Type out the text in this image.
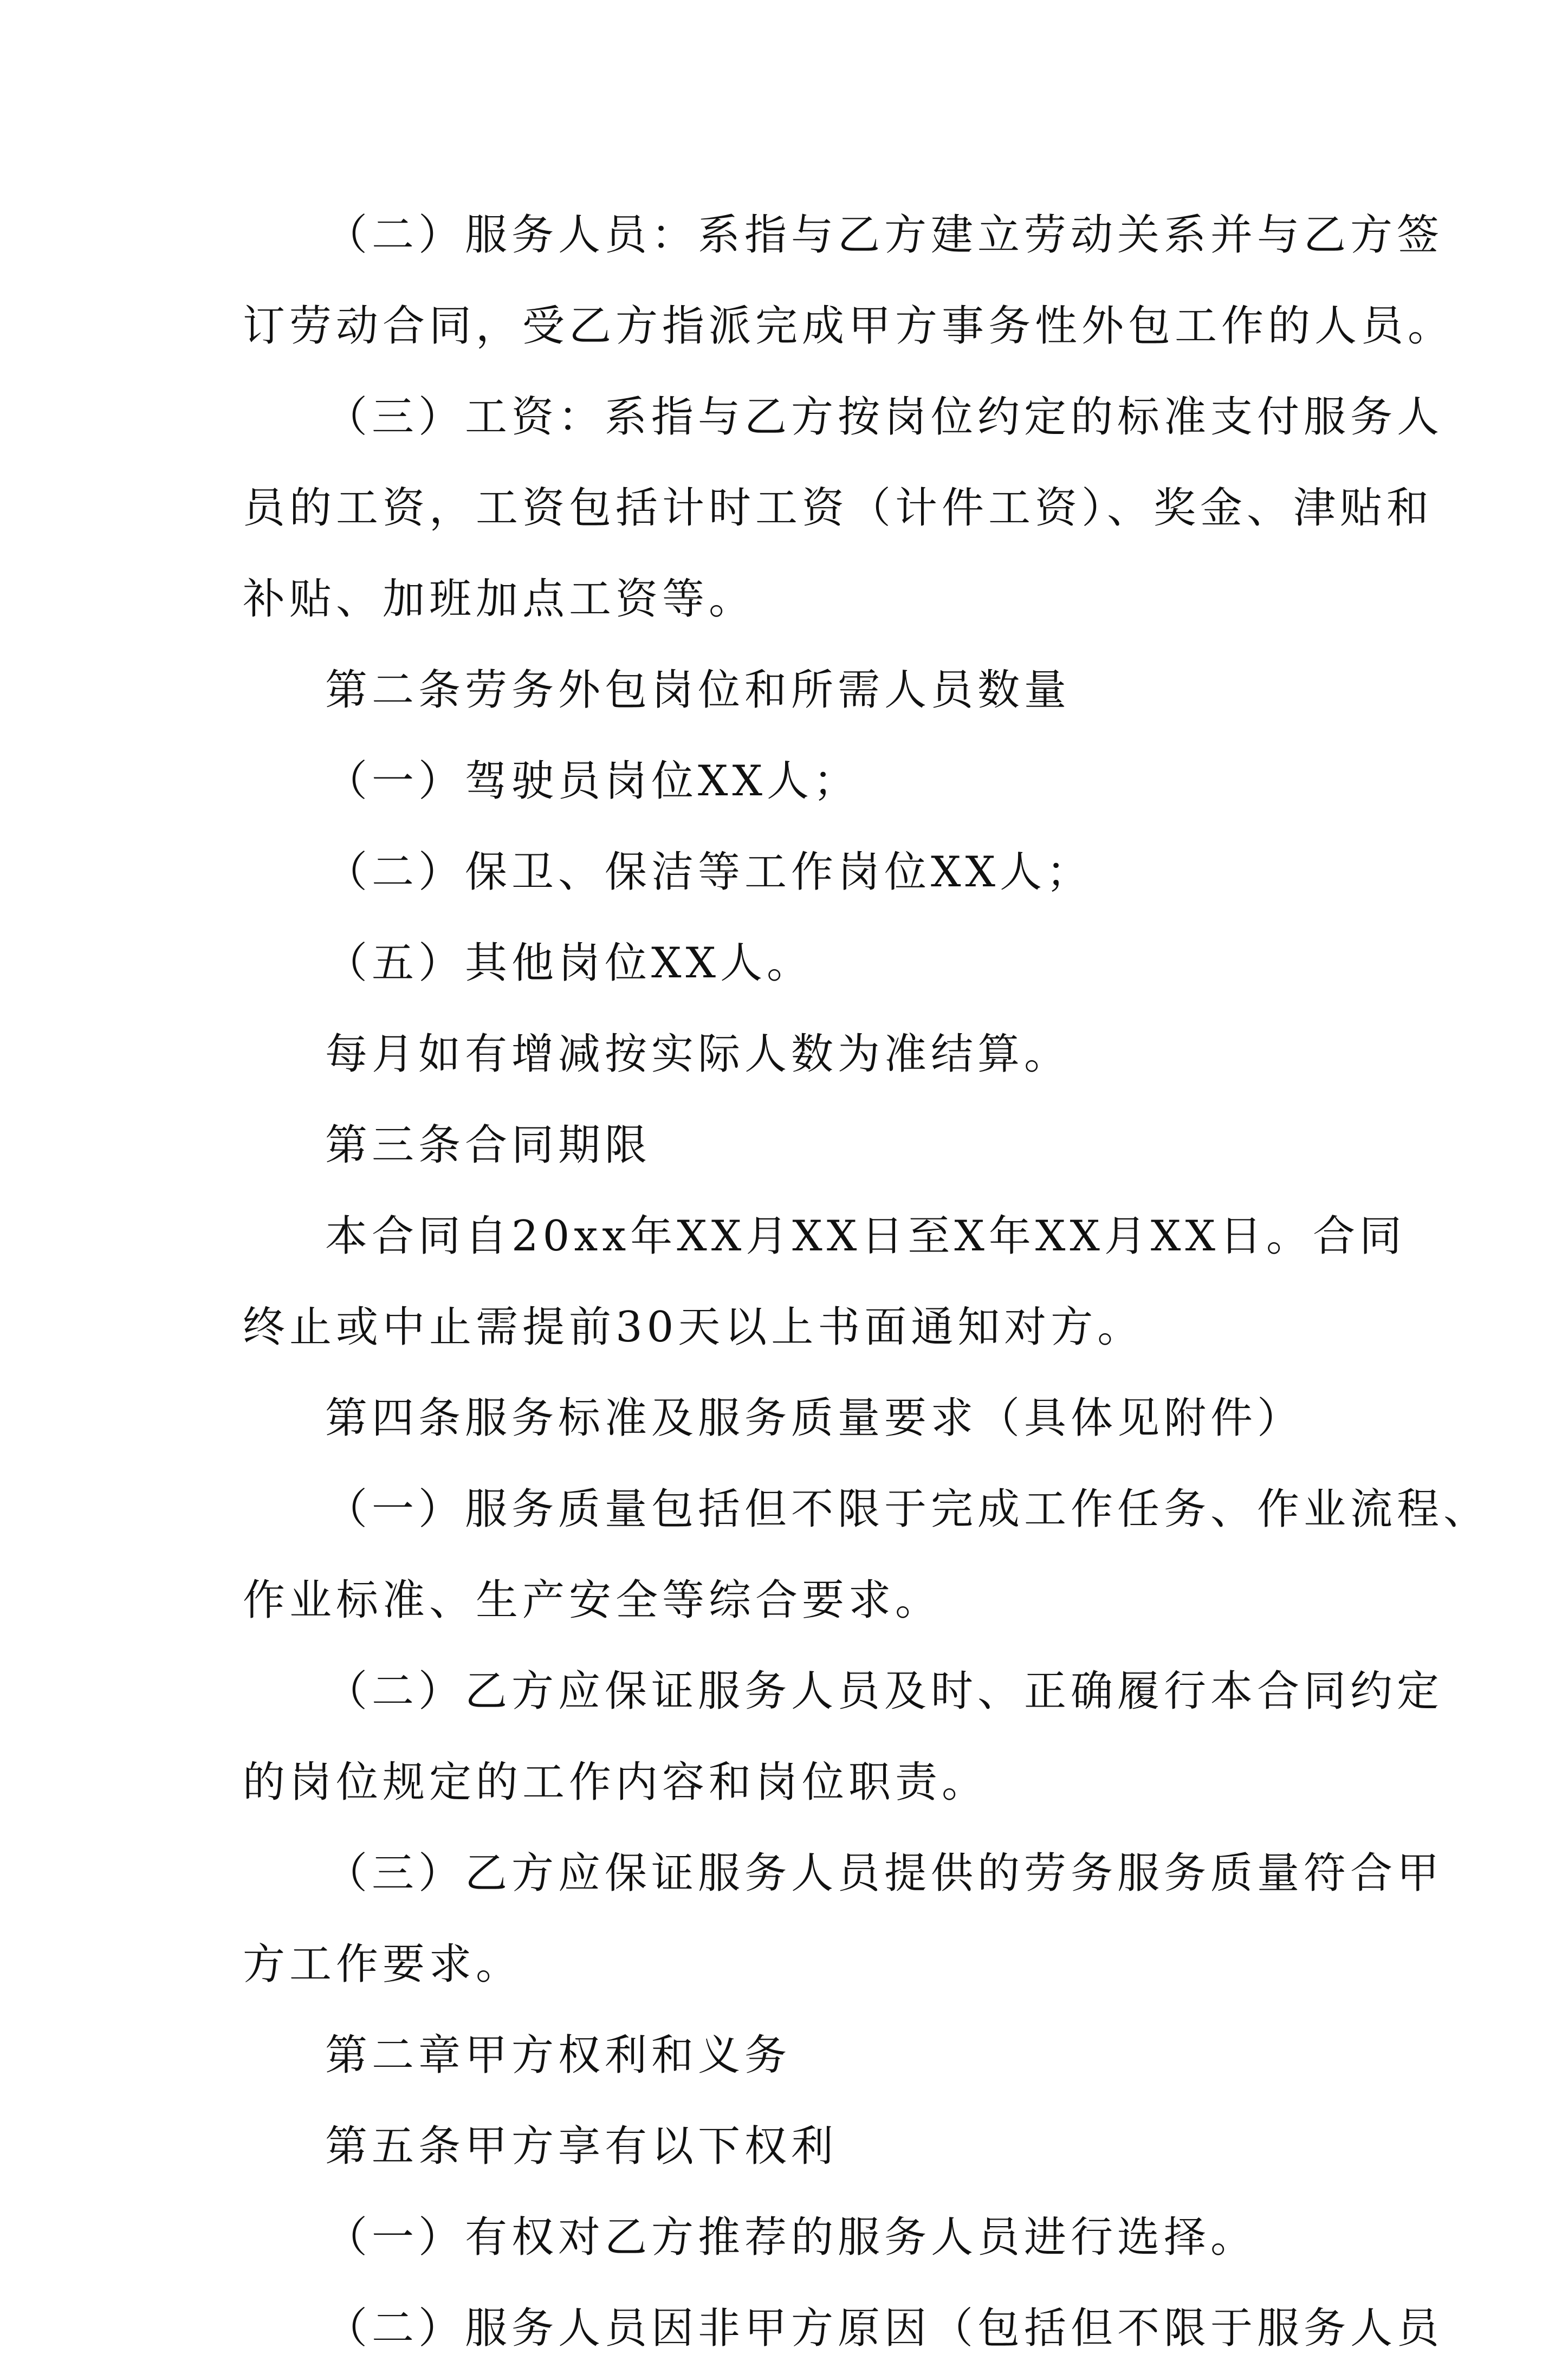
（二）服务人员：系指与乙方建立劳动关系并与乙方签
订劳动合同，受乙方指派完成甲方事务性外包工作的人员。
（三）工资：系指与乙方按岗位约定的标准支付服务人
员的工资，工资包括计时工资（计件工资）、奖金、津贴和
补贴、加班加点工资等。
第二条劳务外包岗位和所需人员数量
（一）驾驶员岗位XX人；
（二）保卫、保洁等工作岗位XX人；
（五）其他岗位XX人。
每月如有增减按实际人数为准结算。
第三条合同期限
本合同自20xx年XX月XX日至X年XX月XX日。合同
终止或中止需提前30天以上书面通知对方。
第四条服务标准及服务质量要求（具体见附件）
（一）服务质量包括但不限于完成工作任务、作业流程、
作业标准、生产安全等综合要求。
（二）乙方应保证服务人员及时、正确履行本合同约定
的岗位规定的工作内容和岗位职责。
（三）乙方应保证服务人员提供的劳务服务质量符合甲
方工作要求。
第二章甲方权利和义务
第五条甲方享有以下权利
（一）有权对乙方推荐的服务人员进行选择。
（二）服务人员因非甲方原因（包括但不限于服务人员
